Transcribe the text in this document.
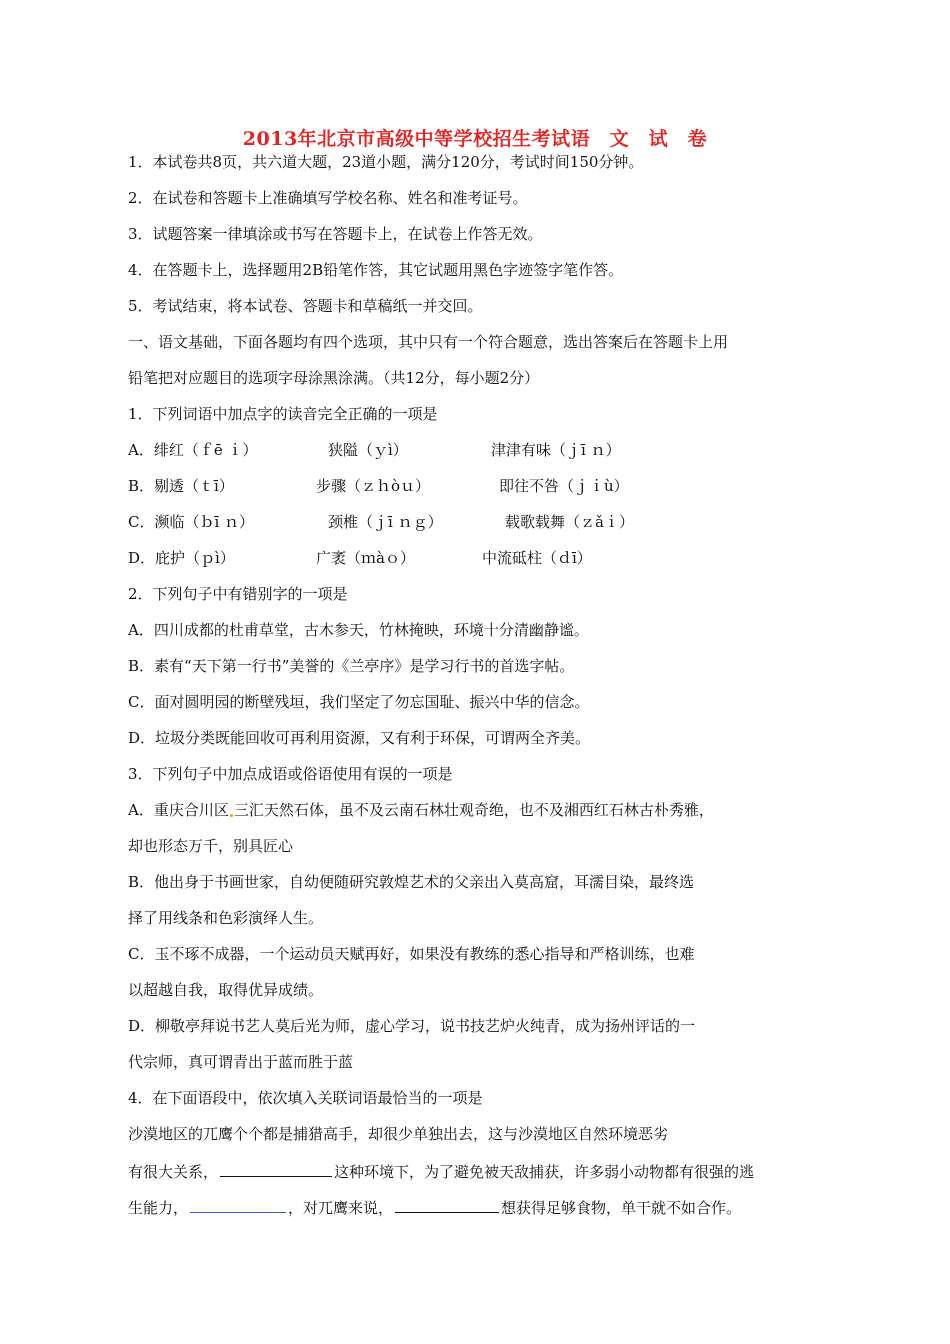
2013年北京市高级中等学校招生考试语　文　试　卷
1．本试卷共8页，共六道大题，23道小题，满分120分，考试时间150分钟。
2．在试卷和答题卡上准确填写学校名称、姓名和准考证号。
3．试题答案一律填涂或书写在答题卡上，在试卷上作答无效。
4．在答题卡上，选择题用2B铅笔作答，其它试题用黑色字迹签字笔作答。
5．考试结束，将本试卷、答题卡和草稿纸一并交回。
一、语文基础，下面各题均有四个选项，其中只有一个符合题意，选出答案后在答题卡上用
铅笔把对应题目的选项字母涂黑涂满。（共12分，每小题2分）
1．下列词语中加点字的读音完全正确的一项是
A．绯红（ｆē ｉ）	狭隘（ｙì）	津津有味（ｊī ｎ）
B．剔透（ｔī）	步骤（ｚｈòｕ）	即往不咎（ｊｉù）
C．濒临（ｂī ｎ）	颈椎（ｊī ｎｇ）	载歌载舞（ｚǎｉ）
D．庇护（ｐì）	广袤（ｍàｏ）	中流砥柱（ｄī）
2．下列句子中有错别字的一项是
A．四川成都的杜甫草堂，古木参天，竹林掩映，环境十分清幽静谧。
B．素有“天下第一行书”美誉的《兰亭序》是学习行书的首选字帖。
C．面对圆明园的断壁残垣，我们坚定了勿忘国耻、振兴中华的信念。
D．垃圾分类既能回收可再利用资源，又有利于环保，可谓两全齐美。
3．下列句子中加点成语或俗语使用有误的一项是
A．重庆合川区 三汇天然石体，虽不及云南石林壮观奇绝，也不及湘西红石林古朴秀雅，
却也形态万千，别具匠心
B．他出身于书画世家，自幼便随研究敦煌艺术的父亲出入莫高窟，耳濡目染，最终选
择了用线条和色彩演绎人生。
C．玉不琢不成器，一个运动员天赋再好，如果没有教练的悉心指导和严格训练，也难
以超越自我，取得优异成绩。
D．柳敬亭拜说书艺人莫后光为师，虚心学习，说书技艺炉火纯青，成为扬州评话的一
代宗师，真可谓青出于蓝而胜于蓝
4．在下面语段中，依次填入关联词语最恰当的一项是
沙漠地区的兀鹰个个都是捕猎高手，却很少单独出去，这与沙漠地区自然环境恶劣
有很大关系，	这种环境下，为了避免被天敌捕获，许多弱小动物都有很强的逃
生能力，	，对兀鹰来说，	想获得足够食物，单干就不如合作。
